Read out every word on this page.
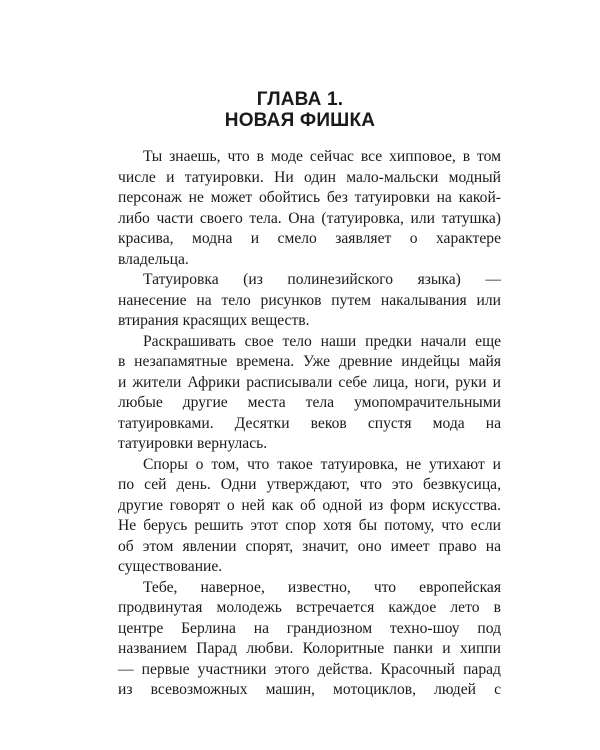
ГЛАВА 1.
НОВАЯ ФИШКА
Ты знаешь, что в моде сейчас все хипповое, в том
числе и татуировки. Ни один мало-мальски модный
персонаж не может обойтись без татуировки на какой-
либо части своего тела. Она (татуировка, или татушка)
красива, модна и смело заявляет о характере
владельца.
Татуировка (из полинезийского языка) —
нанесение на тело рисунков путем накалывания или
втирания красящих веществ.
Раскрашивать свое тело наши предки начали еще
в незапамятные времена. Уже древние индейцы майя
и жители Африки расписывали себе лица, ноги, руки и
любые другие места тела умопомрачительными
татуировками. Десятки веков спустя мода на
татуировки вернулась.
Споры о том, что такое татуировка, не утихают и
по сей день. Одни утверждают, что это безвкусица,
другие говорят о ней как об одной из форм искусства.
Не берусь решить этот спор хотя бы потому, что если
об этом явлении спорят, значит, оно имеет право на
существование.
Тебе, наверное, известно, что европейская
продвинутая молодежь встречается каждое лето в
центре Берлина на грандиозном техно-шоу под
названием Парад любви. Колоритные панки и хиппи
— первые участники этого действа. Красочный парад
из всевозможных машин, мотоциклов, людей с
